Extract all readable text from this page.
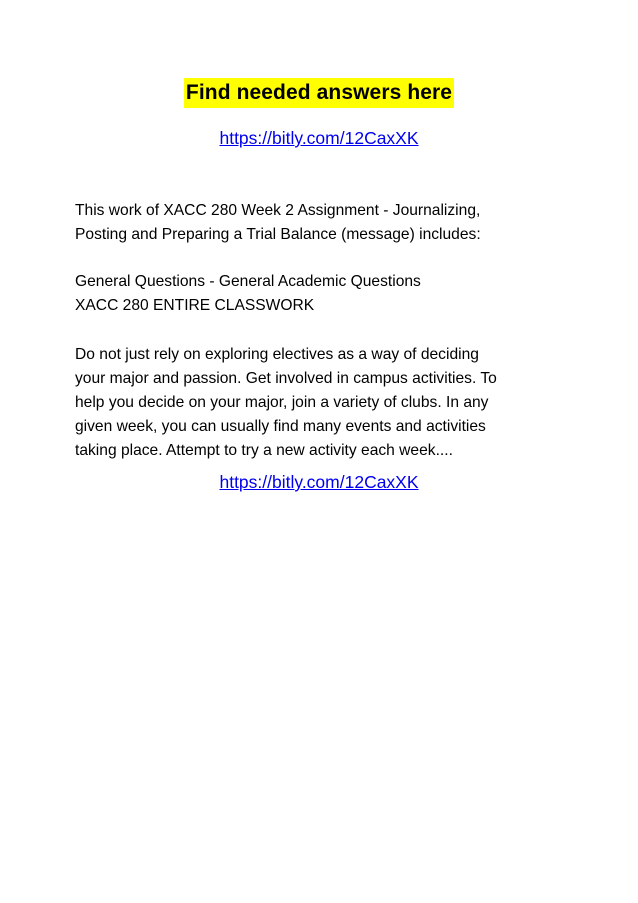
Find needed answers here
https://bitly.com/12CaxXK
This work of XACC 280 Week 2 Assignment - Journalizing,
Posting and Preparing a Trial Balance (message) includes:
General Questions - General Academic Questions
XACC 280 ENTIRE CLASSWORK
Do not just rely on exploring electives as a way of deciding
your major and passion. Get involved in campus activities. To
help you decide on your major, join a variety of clubs. In any
given week, you can usually find many events and activities
taking place. Attempt to try a new activity each week....
https://bitly.com/12CaxXK
